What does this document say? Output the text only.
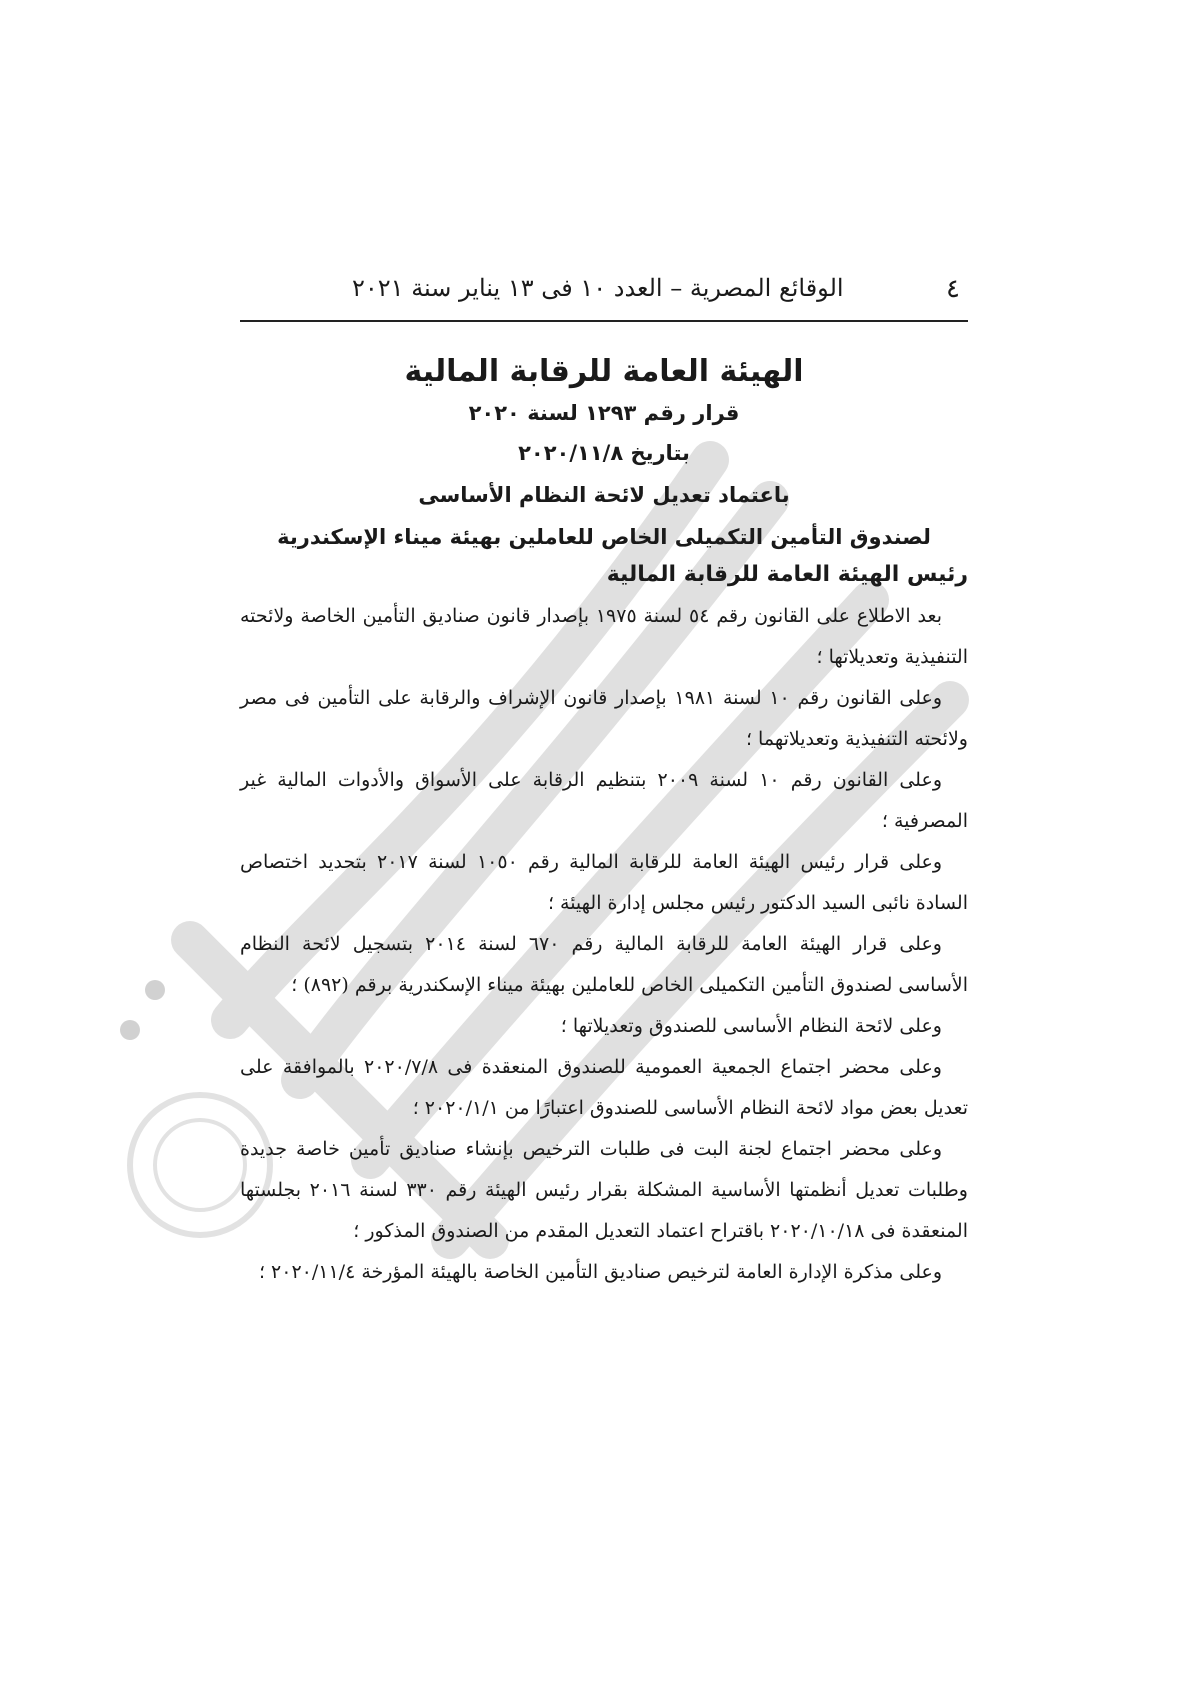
٤
الوقائع المصرية – العدد ١٠ فى ١٣ يناير سنة ٢٠٢١
الهيئة العامة للرقابة المالية
قرار رقم ١٢٩٣ لسنة ٢٠٢٠
بتاريخ ٢٠٢٠/١١/٨
باعتماد تعديل لائحة النظام الأساسى
لصندوق التأمين التكميلى الخاص للعاملين بهيئة ميناء الإسكندرية
رئيس الهيئة العامة للرقابة المالية

بعد الاطلاع على القانون رقم ٥٤ لسنة ١٩٧٥ بإصدار قانون صناديق التأمين الخاصة ولائحته التنفيذية وتعديلاتها ؛

وعلى القانون رقم ١٠ لسنة ١٩٨١ بإصدار قانون الإشراف والرقابة على التأمين فى مصر ولائحته التنفيذية وتعديلاتهما ؛

وعلى القانون رقم ١٠ لسنة ٢٠٠٩ بتنظيم الرقابة على الأسواق والأدوات المالية غير المصرفية ؛

وعلى قرار رئيس الهيئة العامة للرقابة المالية رقم ١٠٥٠ لسنة ٢٠١٧ بتحديد اختصاص السادة نائبى السيد الدكتور رئيس مجلس إدارة الهيئة ؛

وعلى قرار الهيئة العامة للرقابة المالية رقم ٦٧٠ لسنة ٢٠١٤ بتسجيل لائحة النظام الأساسى لصندوق التأمين التكميلى الخاص للعاملين بهيئة ميناء الإسكندرية برقم (٨٩٢) ؛

وعلى لائحة النظام الأساسى للصندوق وتعديلاتها ؛

وعلى محضر اجتماع الجمعية العمومية للصندوق المنعقدة فى ٢٠٢٠/٧/٨ بالموافقة على تعديل بعض مواد لائحة النظام الأساسى للصندوق اعتبارًا من ٢٠٢٠/١/١ ؛

وعلى محضر اجتماع لجنة البت فى طلبات الترخيص بإنشاء صناديق تأمين خاصة جديدة وطلبات تعديل أنظمتها الأساسية المشكلة بقرار رئيس الهيئة رقم ٣٣٠ لسنة ٢٠١٦ بجلستها المنعقدة فى ٢٠٢٠/١٠/١٨ باقتراح اعتماد التعديل المقدم من الصندوق المذكور ؛

وعلى مذكرة الإدارة العامة لترخيص صناديق التأمين الخاصة بالهيئة المؤرخة ٢٠٢٠/١١/٤ ؛
